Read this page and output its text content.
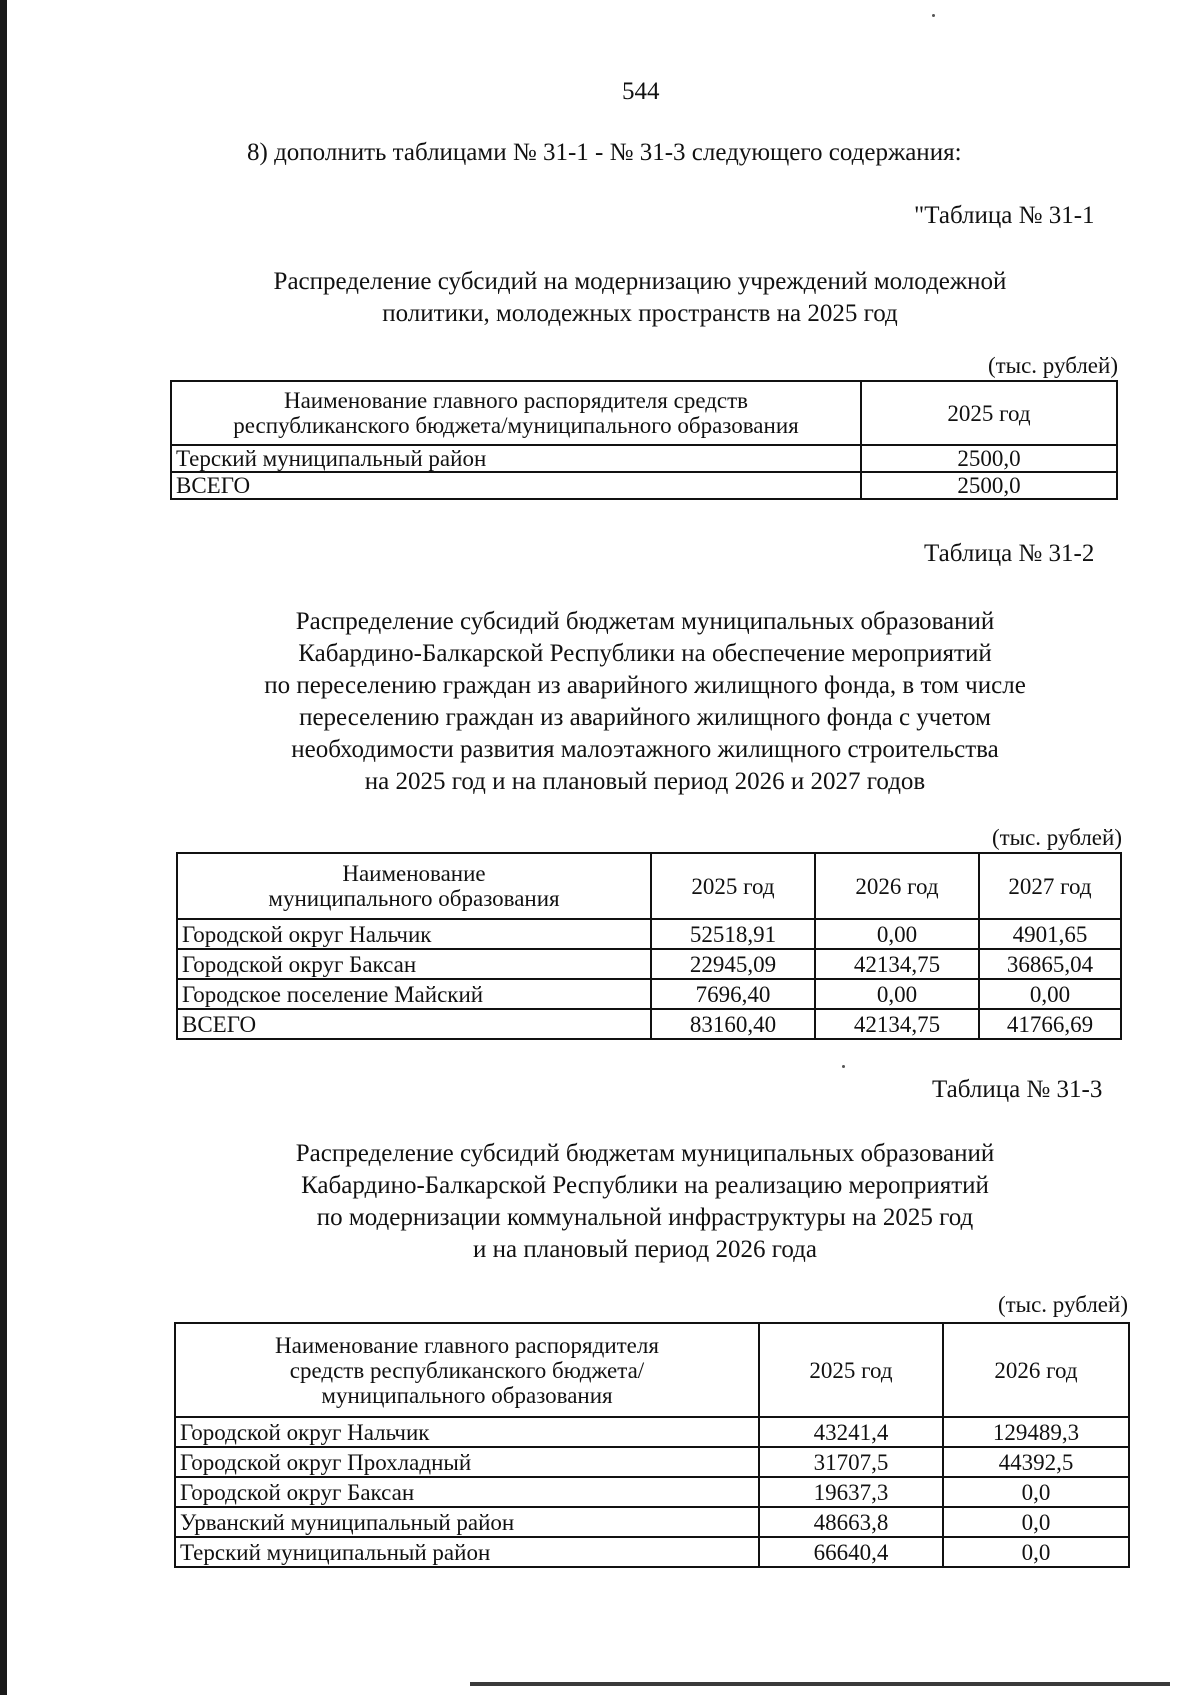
544
8) дополнить таблицами № 31-1 - № 31-3 следующего содержания:
"Таблица № 31-1
Распределение субсидий на модернизацию учреждений молодежной
политики, молодежных пространств на 2025 год
(тыс. рублей)
Наименование главного распорядителя средств
республиканского бюджета/муниципального образования	2025 год
Терский муниципальный район	2500,0
ВСЕГО	2500,0
Таблица № 31-2
Распределение субсидий бюджетам муниципальных образований
Кабардино-Балкарской Республики на обеспечение мероприятий
по переселению граждан из аварийного жилищного фонда, в том числе
переселению граждан из аварийного жилищного фонда с учетом
необходимости развития малоэтажного жилищного строительства
на 2025 год и на плановый период 2026 и 2027 годов
(тыс. рублей)
Наименование
муниципального образования	2025 год	2026 год	2027 год
Городской округ Нальчик	52518,91	0,00	4901,65
Городской округ Баксан	22945,09	42134,75	36865,04
Городское поселение Майский	7696,40	0,00	0,00
ВСЕГО	83160,40	42134,75	41766,69
Таблица № 31-3
Распределение субсидий бюджетам муниципальных образований
Кабардино-Балкарской Республики на реализацию мероприятий
по модернизации коммунальной инфраструктуры на 2025 год
и на плановый период 2026 года
(тыс. рублей)
Наименование главного распорядителя
средств республиканского бюджета/
муниципального образования	2025 год	2026 год
Городской округ Нальчик	43241,4	129489,3
Городской округ Прохладный	31707,5	44392,5
Городской округ Баксан	19637,3	0,0
Урванский муниципальный район	48663,8	0,0
Терский муниципальный район	66640,4	0,0
